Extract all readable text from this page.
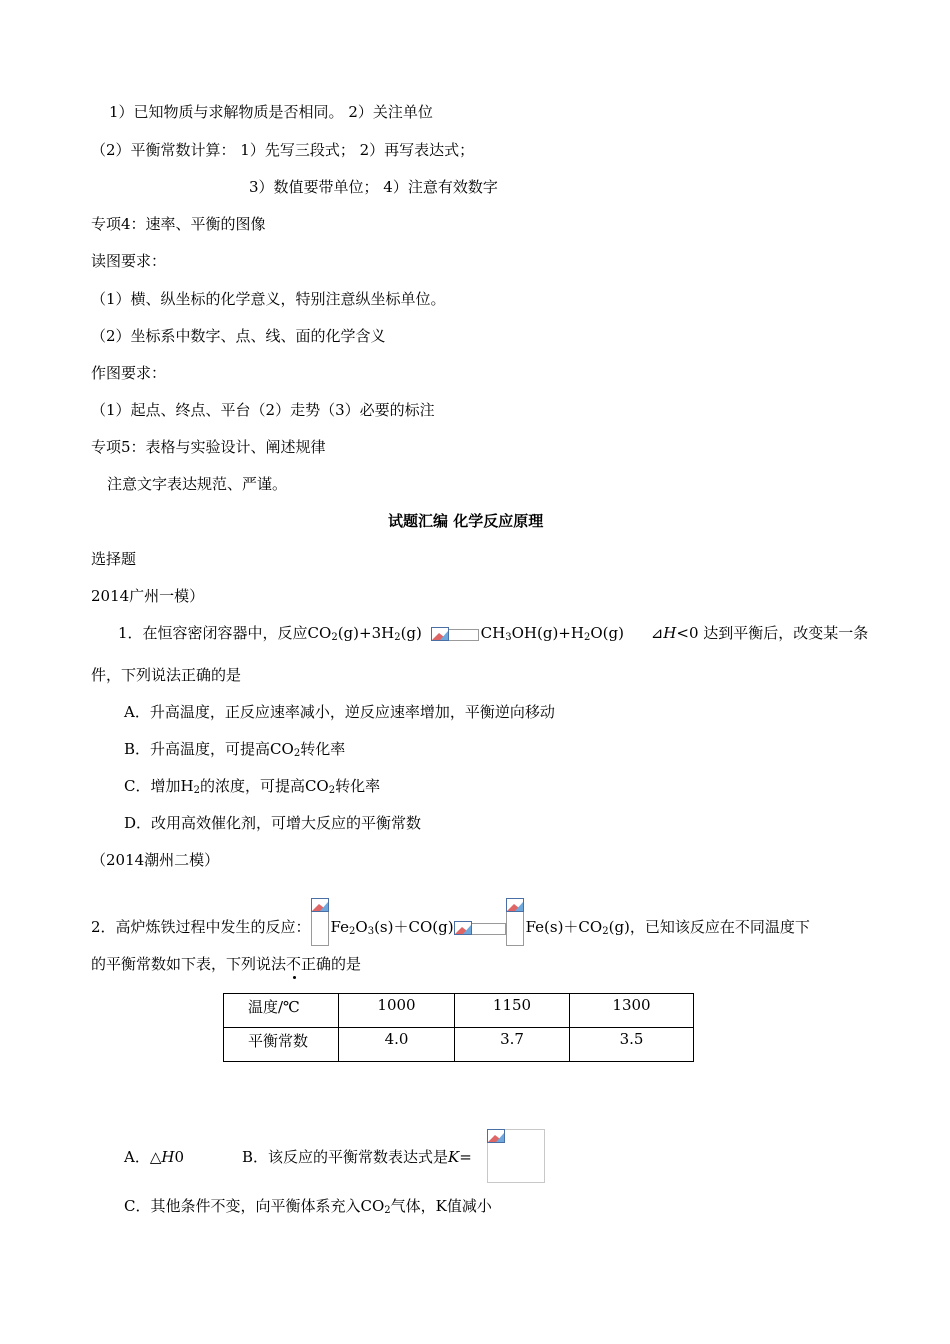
1）已知物质与求解物质是否相同。 2）关注单位
（2）平衡常数计算： 1）先写三段式； 2）再写表达式；
3）数值要带单位； 4）注意有效数字
专项4：速率、平衡的图像
读图要求：
（1）横、纵坐标的化学意义，特别注意纵坐标单位。
（2）坐标系中数字、点、线、面的化学含义
作图要求：
（1）起点、终点、平台（2）走势（3）必要的标注
专项5：表格与实验设计、阐述规律
注意文字表达规范、严谨。
试题汇编 化学反应原理
选择题
2014广州一模）
1．在恒容密闭容器中，反应$CO_2(g)+3H_2(g)$	$CH_3OH(g)+H_2O(g)$ ⊿H<0 达到平衡后，改变某一条
件，下列说法正确的是
A．升高温度，正反应速率减小，逆反应速率增加，平衡逆向移动
B．升高温度，可提高$CO_2$转化率
C．增加$H_2$的浓度，可提高$CO_2$转化率
D．改用高效催化剂，可增大反应的平衡常数
（2014潮州二模）
2．高炉炼铁过程中发生的反应： $Fe_2O_3(s)+CO(g)$	$Fe(s)+CO_2(g)$，已知该反应在不同温度下
的平衡常数如下表，下列说法不正确的是
温度/℃	1000	1150	1300
平衡常数	4.0	3.7	3.5
A．△H0	B．该反应的平衡常数表达式是K=
C．其他条件不变，向平衡体系充入$CO_2$气体，K值减小
